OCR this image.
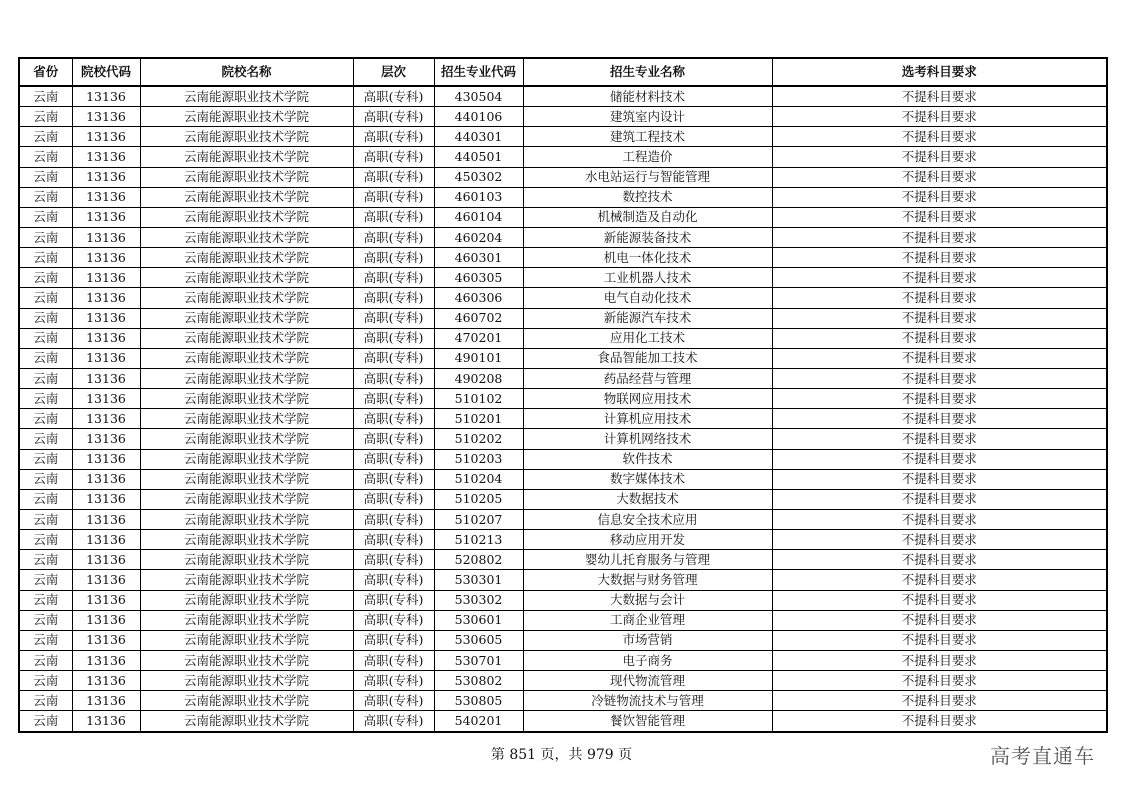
省份	院校代码	院校名称	层次	招生专业代码	招生专业名称	选考科目要求
云南	13136	云南能源职业技术学院	高职(专科)	430504	储能材料技术	不提科目要求
云南	13136	云南能源职业技术学院	高职(专科)	440106	建筑室内设计	不提科目要求
云南	13136	云南能源职业技术学院	高职(专科)	440301	建筑工程技术	不提科目要求
云南	13136	云南能源职业技术学院	高职(专科)	440501	工程造价	不提科目要求
云南	13136	云南能源职业技术学院	高职(专科)	450302	水电站运行与智能管理	不提科目要求
云南	13136	云南能源职业技术学院	高职(专科)	460103	数控技术	不提科目要求
云南	13136	云南能源职业技术学院	高职(专科)	460104	机械制造及自动化	不提科目要求
云南	13136	云南能源职业技术学院	高职(专科)	460204	新能源装备技术	不提科目要求
云南	13136	云南能源职业技术学院	高职(专科)	460301	机电一体化技术	不提科目要求
云南	13136	云南能源职业技术学院	高职(专科)	460305	工业机器人技术	不提科目要求
云南	13136	云南能源职业技术学院	高职(专科)	460306	电气自动化技术	不提科目要求
云南	13136	云南能源职业技术学院	高职(专科)	460702	新能源汽车技术	不提科目要求
云南	13136	云南能源职业技术学院	高职(专科)	470201	应用化工技术	不提科目要求
云南	13136	云南能源职业技术学院	高职(专科)	490101	食品智能加工技术	不提科目要求
云南	13136	云南能源职业技术学院	高职(专科)	490208	药品经营与管理	不提科目要求
云南	13136	云南能源职业技术学院	高职(专科)	510102	物联网应用技术	不提科目要求
云南	13136	云南能源职业技术学院	高职(专科)	510201	计算机应用技术	不提科目要求
云南	13136	云南能源职业技术学院	高职(专科)	510202	计算机网络技术	不提科目要求
云南	13136	云南能源职业技术学院	高职(专科)	510203	软件技术	不提科目要求
云南	13136	云南能源职业技术学院	高职(专科)	510204	数字媒体技术	不提科目要求
云南	13136	云南能源职业技术学院	高职(专科)	510205	大数据技术	不提科目要求
云南	13136	云南能源职业技术学院	高职(专科)	510207	信息安全技术应用	不提科目要求
云南	13136	云南能源职业技术学院	高职(专科)	510213	移动应用开发	不提科目要求
云南	13136	云南能源职业技术学院	高职(专科)	520802	婴幼儿托育服务与管理	不提科目要求
云南	13136	云南能源职业技术学院	高职(专科)	530301	大数据与财务管理	不提科目要求
云南	13136	云南能源职业技术学院	高职(专科)	530302	大数据与会计	不提科目要求
云南	13136	云南能源职业技术学院	高职(专科)	530601	工商企业管理	不提科目要求
云南	13136	云南能源职业技术学院	高职(专科)	530605	市场营销	不提科目要求
云南	13136	云南能源职业技术学院	高职(专科)	530701	电子商务	不提科目要求
云南	13136	云南能源职业技术学院	高职(专科)	530802	现代物流管理	不提科目要求
云南	13136	云南能源职业技术学院	高职(专科)	530805	冷链物流技术与管理	不提科目要求
云南	13136	云南能源职业技术学院	高职(专科)	540201	餐饮智能管理	不提科目要求
第 851 页，共 979 页	高考直通车
